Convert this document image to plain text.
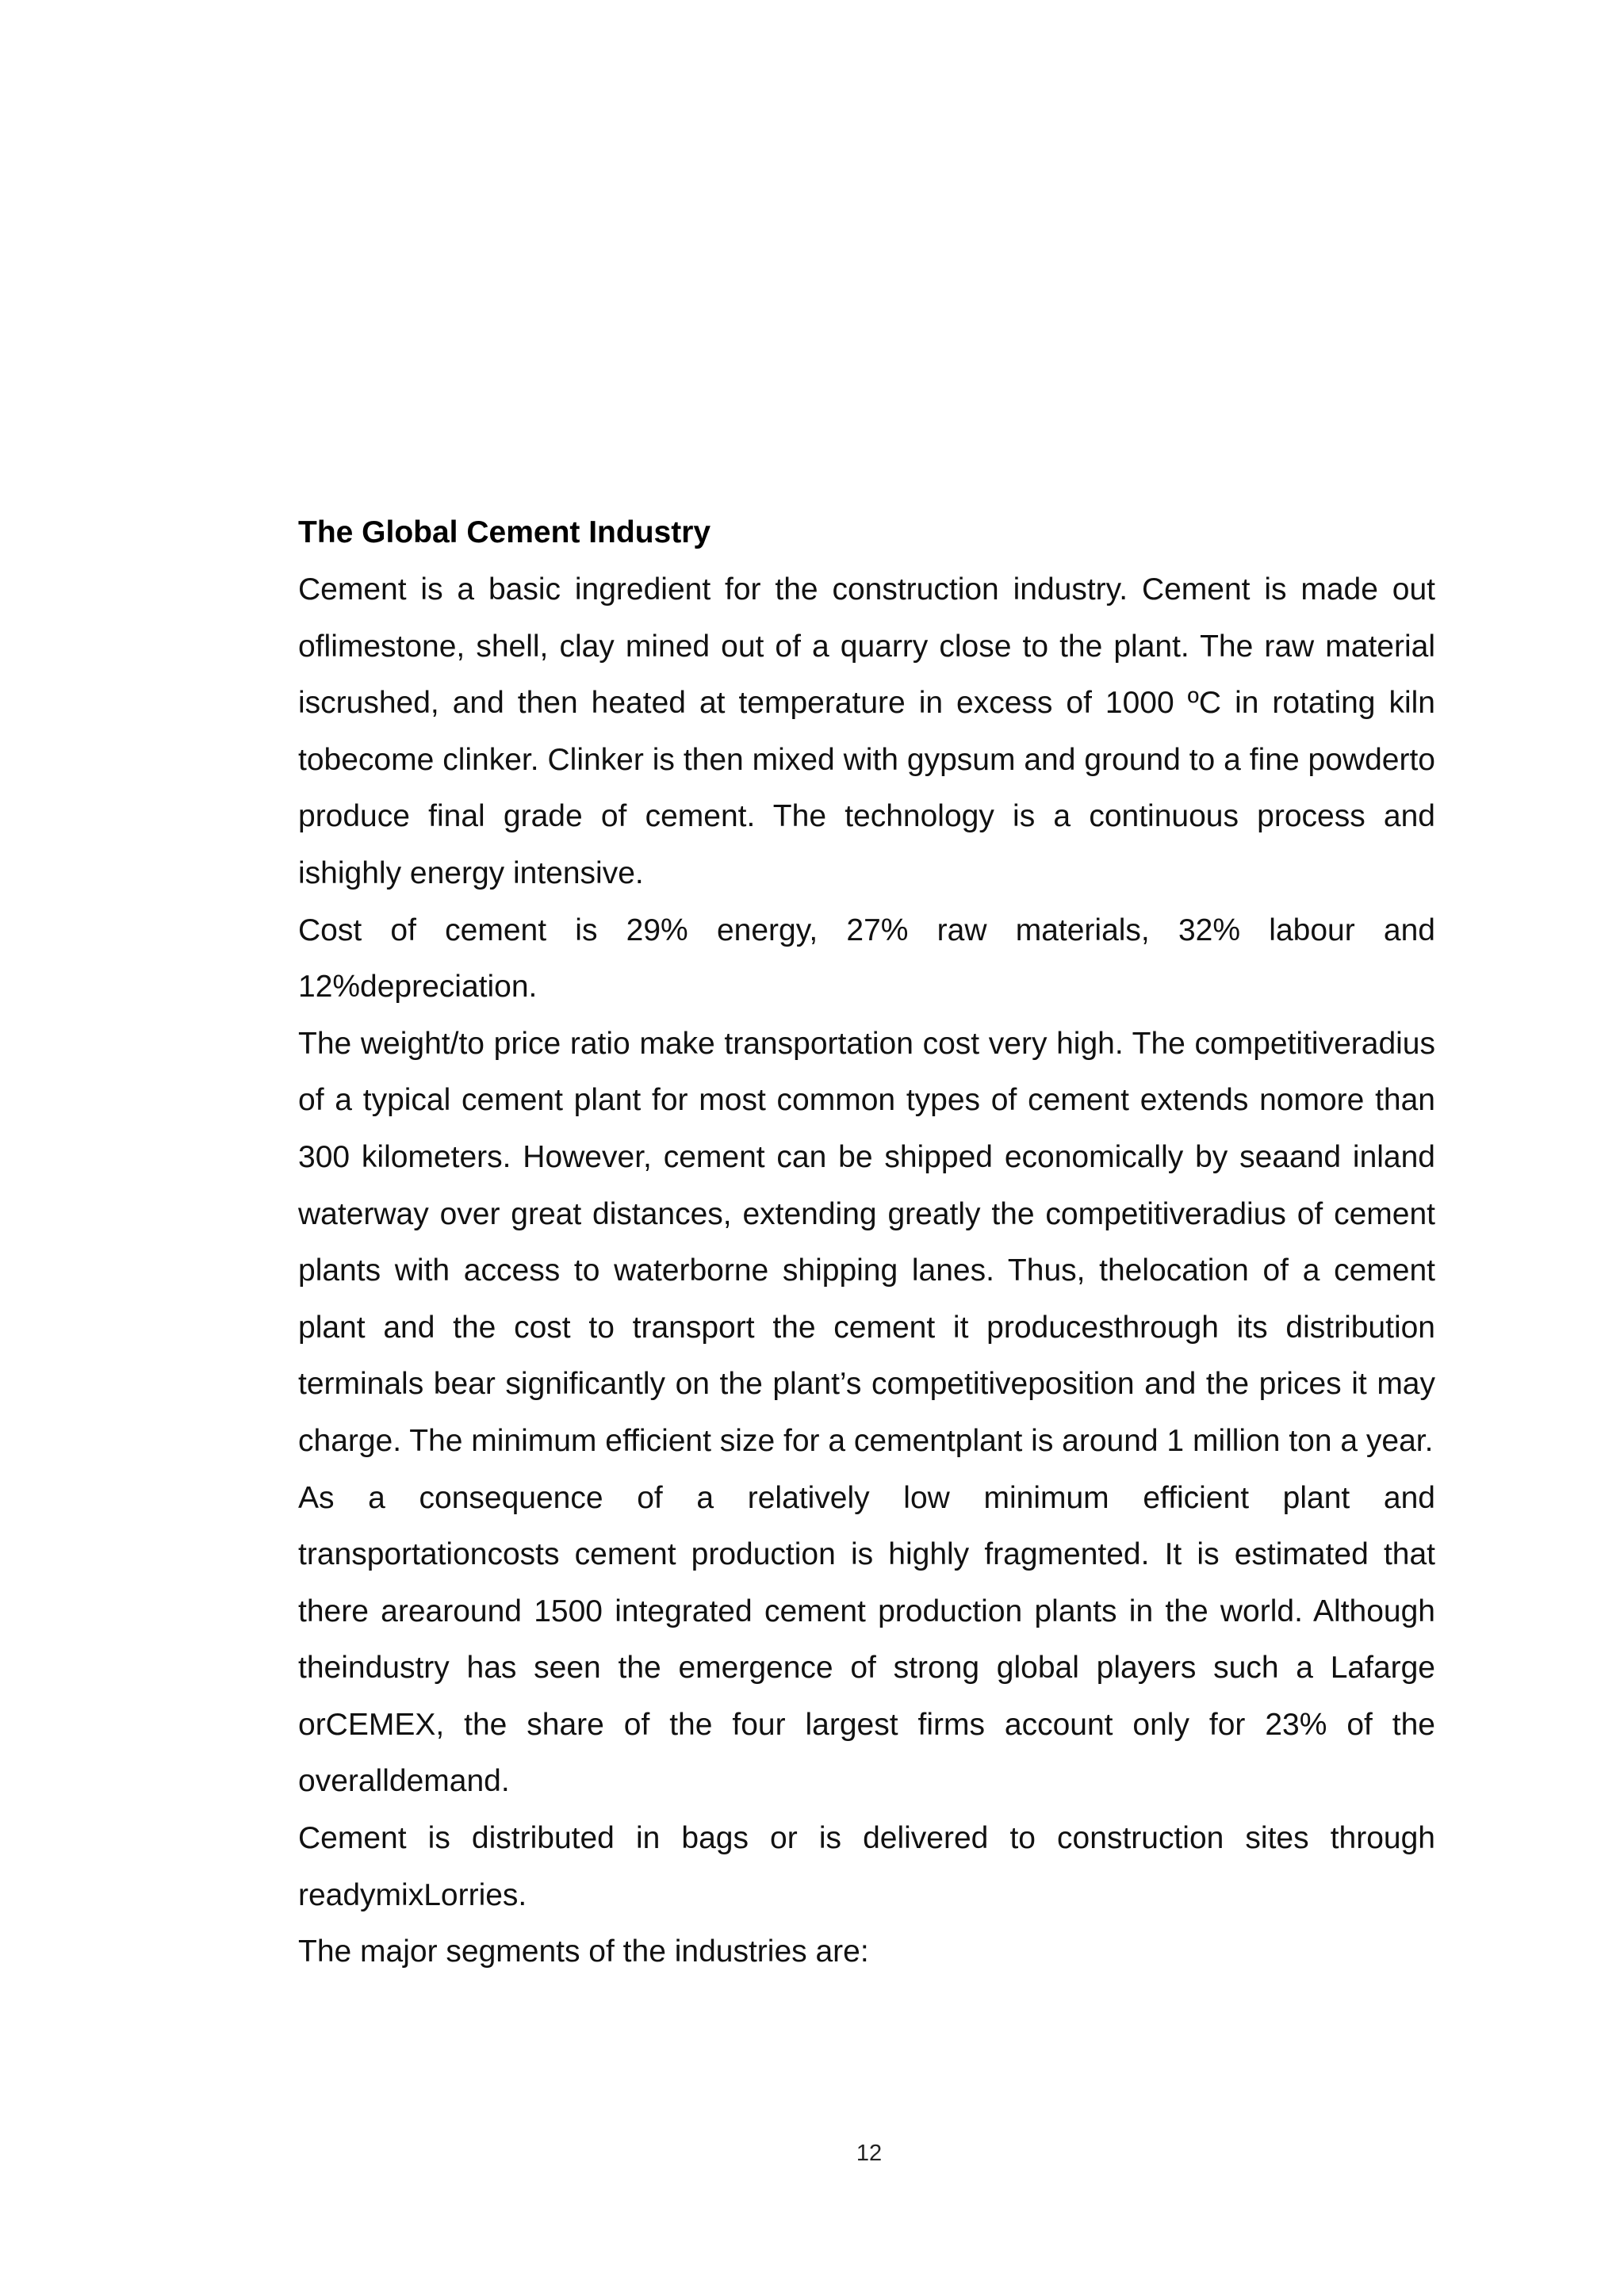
The Global Cement Industry

Cement is a basic ingredient for the construction industry. Cement is made out oflimestone, shell, clay mined out of a quarry close to the plant. The raw material iscrushed, and then heated at temperature in excess of 1000 ºC in rotating kiln tobecome clinker. Clinker is then mixed with gypsum and ground to a fine powderto produce final grade of cement. The technology is a continuous process and ishighly energy intensive.

Cost of cement is 29% energy, 27% raw materials, 32% labour and 12%depreciation.

The weight/to price ratio make transportation cost very high. The competitiveradius of a typical cement plant for most common types of cement extends nomore than 300 kilometers. However, cement can be shipped economically by seaand inland waterway over great distances, extending greatly the competitiveradius of cement plants with access to waterborne shipping lanes. Thus, thelocation of a cement plant and the cost to transport the cement it producesthrough its distribution terminals bear significantly on the plant’s competitiveposition and the prices it may charge. The minimum efficient size for a cementplant is around 1 million ton a year.

As a consequence of a relatively low minimum efficient plant and transportationcosts cement production is highly fragmented. It is estimated that there arearound 1500 integrated cement production plants in the world. Although theindustry has seen the emergence of strong global players such a Lafarge orCEMEX, the share of the four largest firms account only for 23% of the overalldemand.

Cement is distributed in bags or is delivered to construction sites through readymixLorries.

The major segments of the industries are:

12
